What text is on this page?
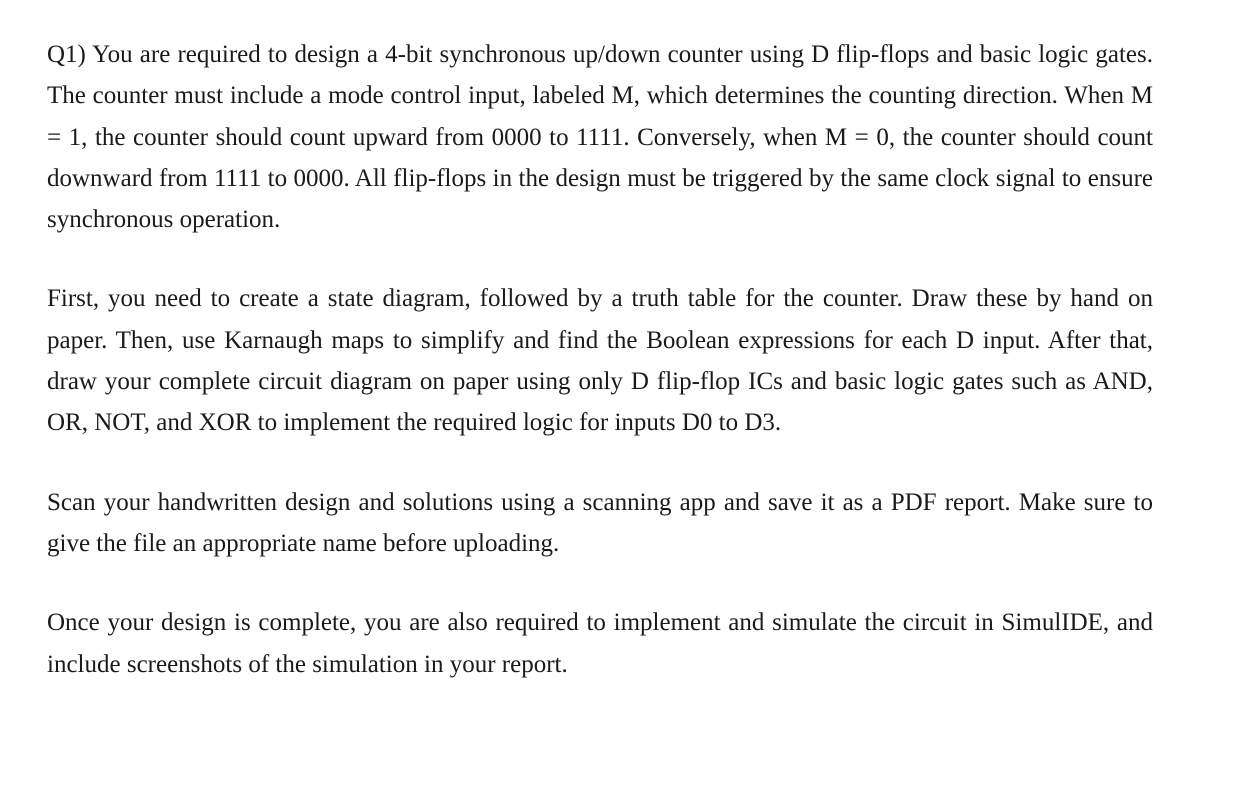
Q1) You are required to design a 4-bit synchronous up/down counter using D flip-flops and basic logic gates. The counter must include a mode control input, labeled M, which determines the counting direction. When M = 1, the counter should count upward from 0000 to 1111. Conversely, when M = 0, the counter should count downward from 1111 to 0000. All flip-flops in the design must be triggered by the same clock signal to ensure synchronous operation.

First, you need to create a state diagram, followed by a truth table for the counter. Draw these by hand on paper. Then, use Karnaugh maps to simplify and find the Boolean expressions for each D input. After that, draw your complete circuit diagram on paper using only D flip-flop ICs and basic logic gates such as AND, OR, NOT, and XOR to implement the required logic for inputs D0 to D3.

Scan your handwritten design and solutions using a scanning app and save it as a PDF report. Make sure to give the file an appropriate name before uploading.

Once your design is complete, you are also required to implement and simulate the circuit in SimulIDE, and include screenshots of the simulation in your report.
